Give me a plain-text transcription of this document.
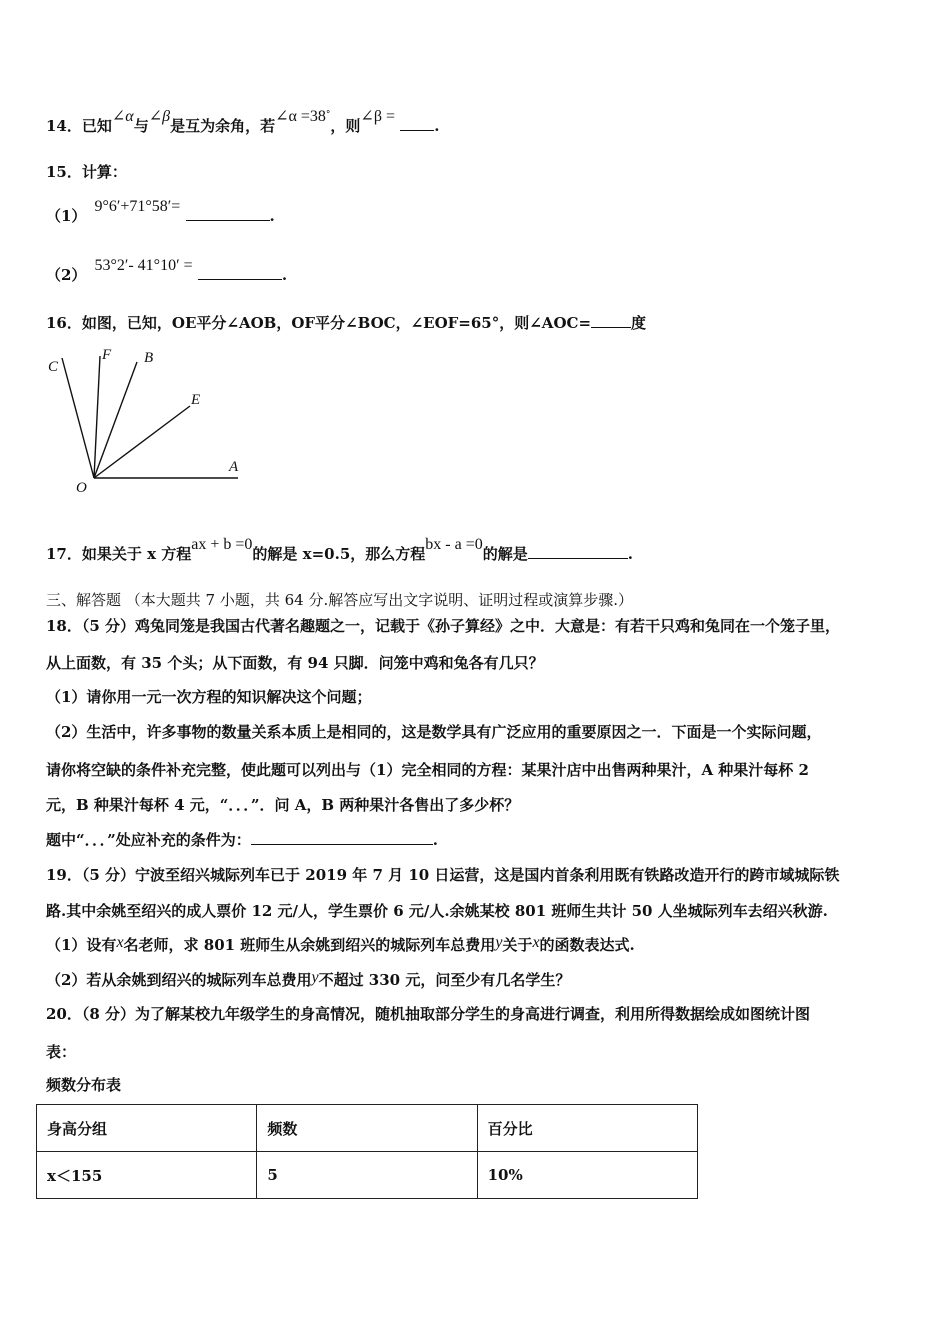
14．已知∠α与∠β是互为余角，若∠α =38°，则∠β = .
15．计算：
（1）9°6′+71°58′= .
（2）53°2′- 41°10′ = .
16．如图，已知，OE平分∠AOB，OF平分∠BOC，∠EOF=65°，则∠AOC=	度
C
F B
E
A
O
17．如果关于 x 方程ax + b =0的解是 x=0.5，那么方程bx - a =0的解是	.
三、解答题 （本大题共 7 小题，共 64 分.解答应写出文字说明、证明过程或演算步骤.）
18．（5 分）鸡兔同笼是我国古代著名趣题之一，记载于《孙子算经》之中．大意是：有若干只鸡和兔同在一个笼子里，
从上面数，有 35 个头；从下面数，有 94 只脚．问笼中鸡和兔各有几只？
（1）请你用一元一次方程的知识解决这个问题；
（2）生活中，许多事物的数量关系本质上是相同的，这是数学具有广泛应用的重要原因之一．下面是一个实际问题，
请你将空缺的条件补充完整，使此题可以列出与（1）完全相同的方程：某果汁店中出售两种果汁，A 种果汁每杯 2
元，B 种果汁每杯 4 元，“．．．”．问 A，B 两种果汁各售出了多少杯？
题中“．．．”处应补充的条件为：	.
19．（5 分）宁波至绍兴城际列车已于 2019 年 7 月 10 日运营，这是国内首条利用既有铁路改造开行的跨市域城际铁
路.其中余姚至绍兴的成人票价 12 元/人，学生票价 6 元/人.余姚某校 801 班师生共计 50 人坐城际列车去绍兴秋游.
（1）设有x名老师，求 801 班师生从余姚到绍兴的城际列车总费用y关于x的函数表达式.
（2）若从余姚到绍兴的城际列车总费用y不超过 330 元，问至少有几名学生？
20．（8 分）为了解某校九年级学生的身高情况，随机抽取部分学生的身高进行调查，利用所得数据绘成如图统计图
表：
频数分布表
身高分组	频数	百分比
x＜155	5	10%
